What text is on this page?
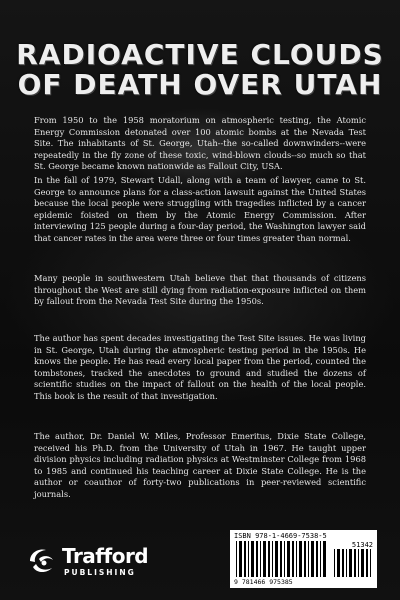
RADIOACTIVE CLOUDS
OF DEATH OVER UTAH

From 1950 to the 1958 moratorium on atmospheric testing, the Atomic Energy Commission detonated over 100 atomic bombs at the Nevada Test Site. The inhabitants of St. George, Utah--the so-called downwinders--were repeatedly in the fly zone of these toxic, wind-blown clouds--so much so that St. George became known nationwide as Fallout City, USA.

In the fall of 1979, Stewart Udall, along with a team of lawyer, came to St. George to announce plans for a class-action lawsuit against the United States because the local people were struggling with tragedies inflicted by a cancer epidemic foisted on them by the Atomic Energy Commission. After interviewing 125 people during a four-day period, the Washington lawyer said that cancer rates in the area were three or four times greater than normal.

Many people in southwestern Utah believe that that thousands of citizens throughout the West are still dying from radiation-exposure inflicted on them by fallout from the Nevada Test Site during the 1950s.

The author has spent decades investigating the Test Site issues. He was living in St. George, Utah during the atmospheric testing period in the 1950s. He knows the people. He has read every local paper from the period, counted the tombstones, tracked the anecdotes to ground and studied the dozens of scientific studies on the impact of fallout on the health of the local people. This book is the result of that investigation.

The author, Dr. Daniel W. Miles, Professor Emeritus, Dixie State College, received his Ph.D. from the University of Utah in 1967. He taught upper division physics including radiation physics at Westminster College from 1968 to 1985 and continued his teaching career at Dixie State College. He is the author or coauthor of forty-two publications in peer-reviewed scientific journals.

Trafford
PUBLISHING
ISBN 978-1-4669-7538-5
51342
9 781466 975385
